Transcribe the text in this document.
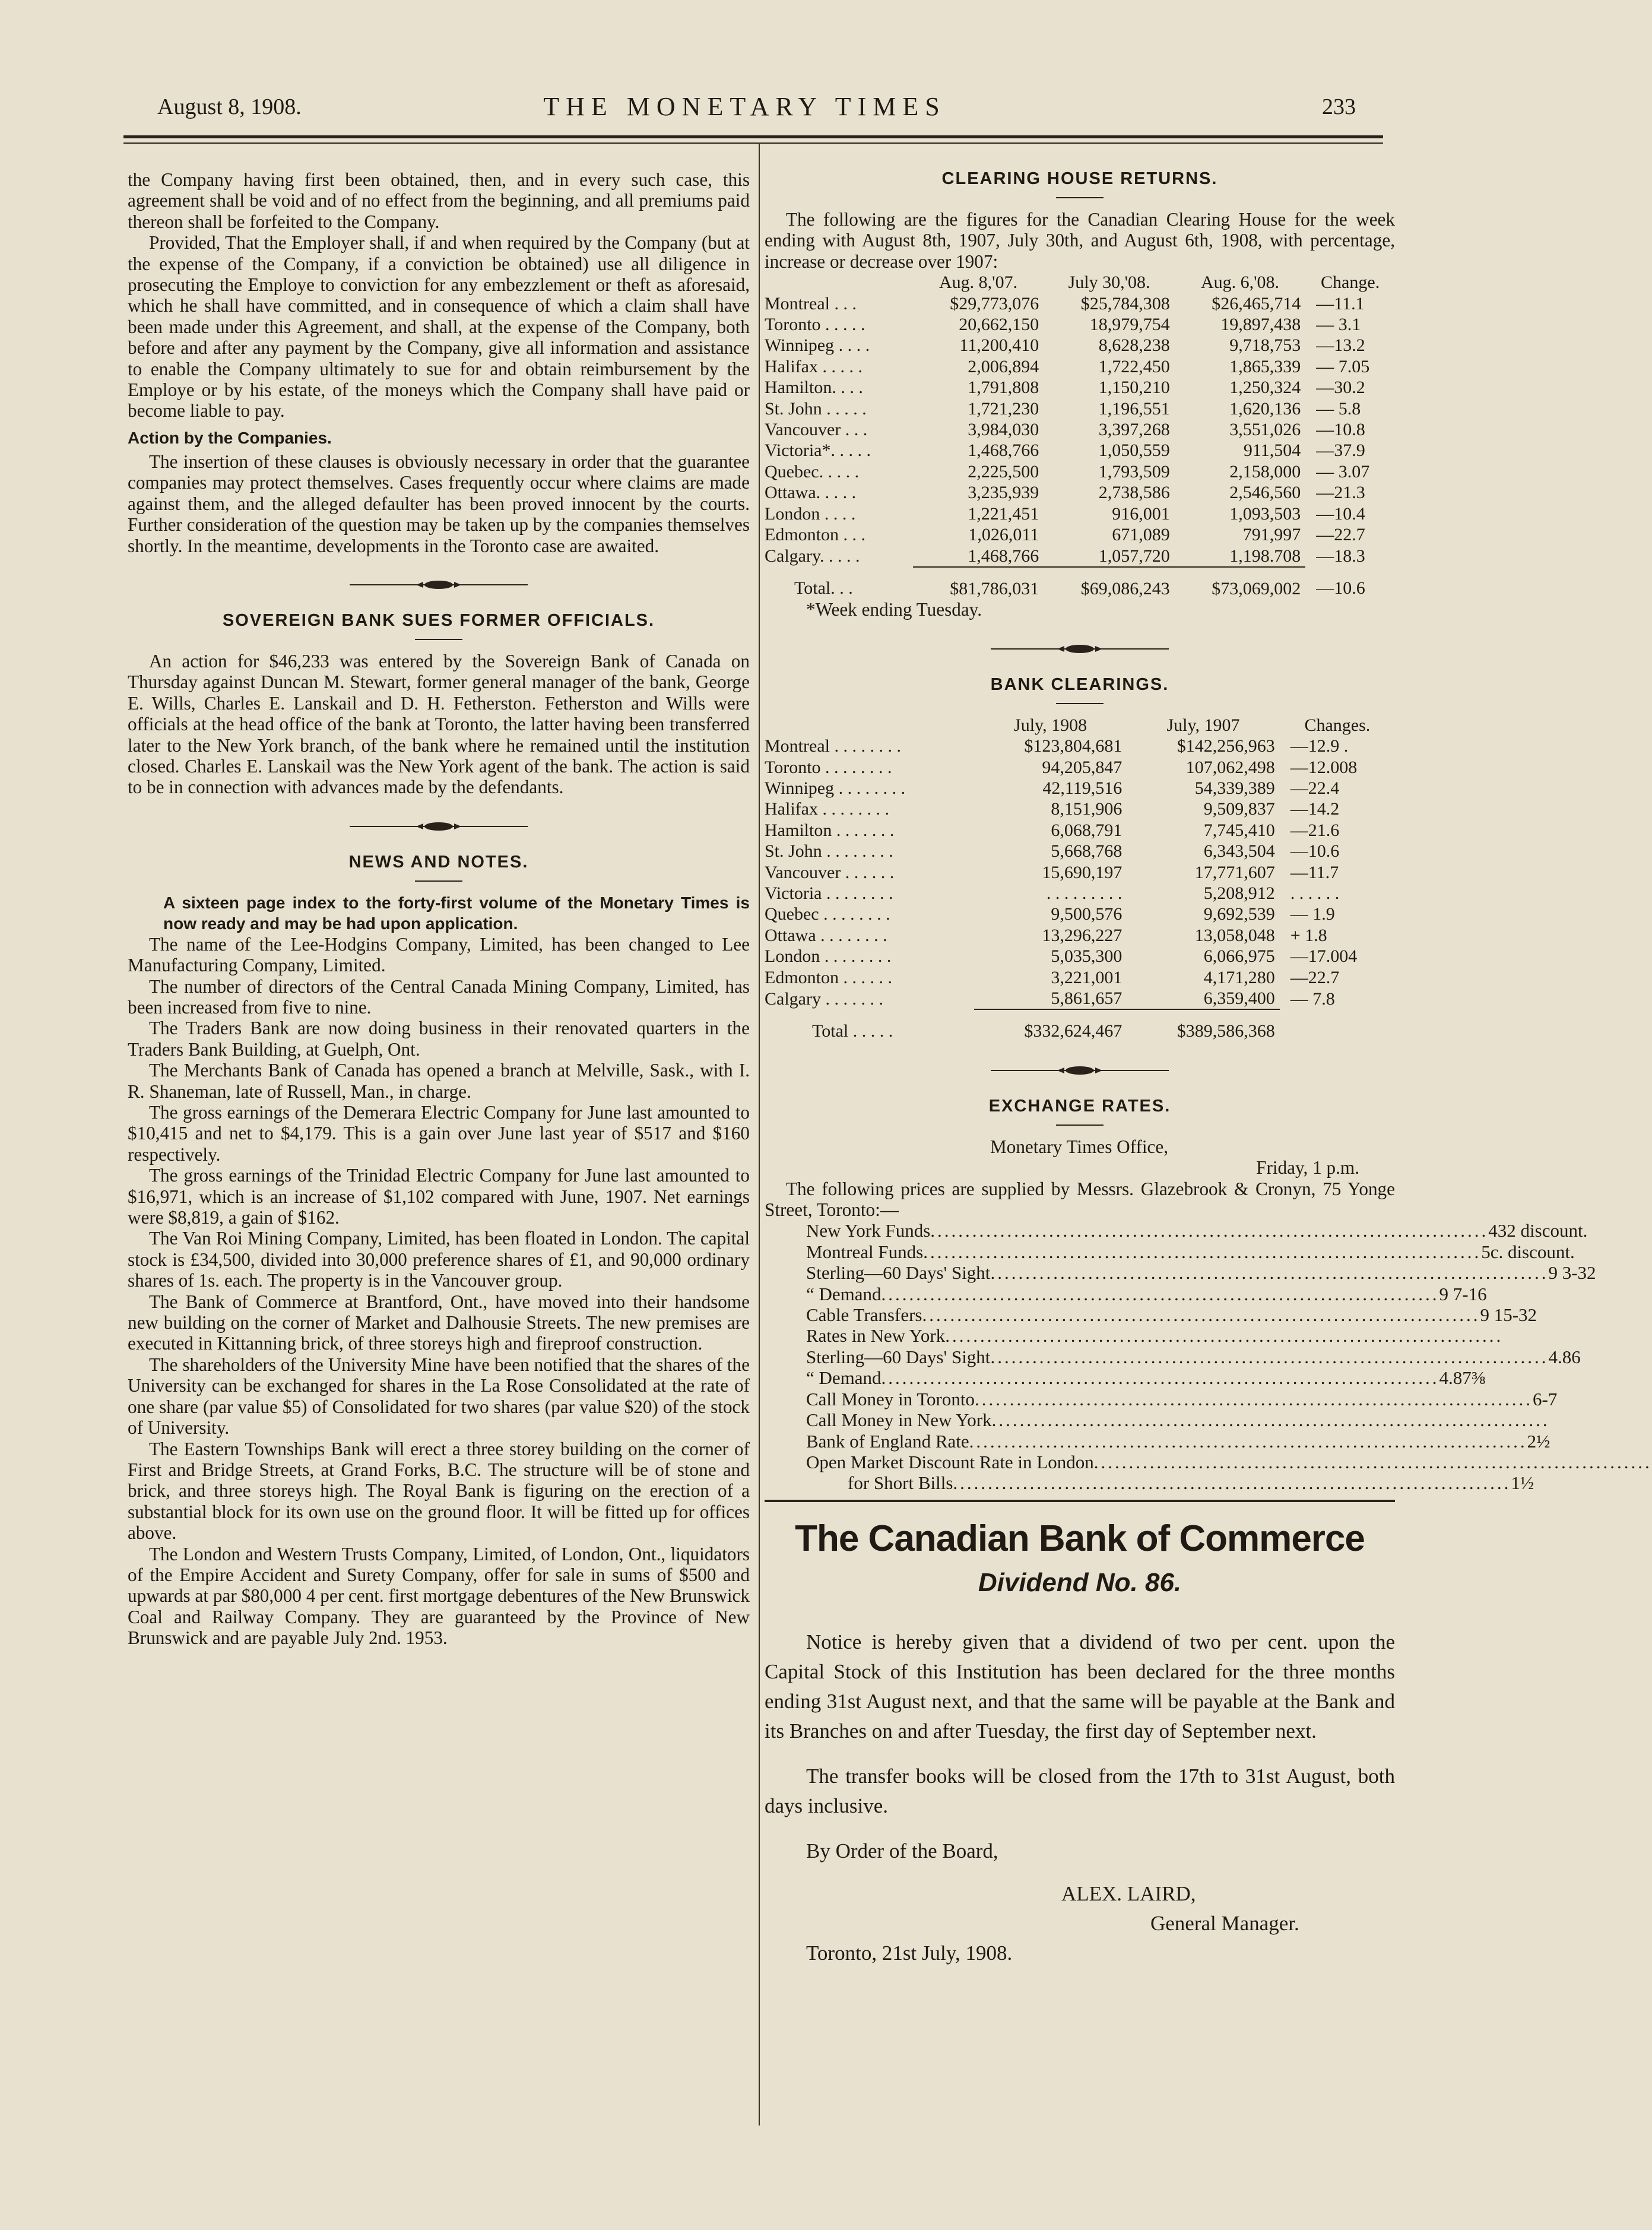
August 8, 1908.	THE MONETARY TIMES	233

the Company having first been obtained, then, and in every such case, this agreement shall be void and of no effect from the beginning, and all premiums paid thereon shall be forfeited to the Company.

Provided, That the Employer shall, if and when required by the Company (but at the expense of the Company, if a conviction be obtained) use all diligence in prosecuting the Employe to conviction for any embezzlement or theft as aforesaid, which he shall have committed, and in consequence of which a claim shall have been made under this Agreement, and shall, at the expense of the Company, both before and after any payment by the Company, give all information and assistance to enable the Company ultimately to sue for and obtain reimbursement by the Employe or by his estate, of the moneys which the Company shall have paid or become liable to pay.

Action by the Companies.

The insertion of these clauses is obviously necessary in order that the guarantee companies may protect themselves. Cases frequently occur where claims are made against them, and the alleged defaulter has been proved innocent by the courts. Further consideration of the question may be taken up by the companies themselves shortly. In the meantime, developments in the Toronto case are awaited.

SOVEREIGN BANK SUES FORMER OFFICIALS.

An action for $46,233 was entered by the Sovereign Bank of Canada on Thursday against Duncan M. Stewart, former general manager of the bank, George E. Wills, Charles E. Lanskail and D. H. Fetherston. Fetherston and Wills were officials at the head office of the bank at Toronto, the latter having been transferred later to the New York branch, of the bank where he remained until the institution closed. Charles E. Lanskail was the New York agent of the bank. The action is said to be in connection with advances made by the defendants.

NEWS AND NOTES.

A sixteen page index to the forty-first volume of the Monetary Times is now ready and may be had upon application.

The name of the Lee-Hodgins Company, Limited, has been changed to Lee Manufacturing Company, Limited.

The number of directors of the Central Canada Mining Company, Limited, has been increased from five to nine.

The Traders Bank are now doing business in their renovated quarters in the Traders Bank Building, at Guelph, Ont.

The Merchants Bank of Canada has opened a branch at Melville, Sask., with I. R. Shaneman, late of Russell, Man., in charge.

The gross earnings of the Demerara Electric Company for June last amounted to $10,415 and net to $4,179. This is a gain over June last year of $517 and $160 respectively.

The gross earnings of the Trinidad Electric Company for June last amounted to $16,971, which is an increase of $1,102 compared with June, 1907. Net earnings were $8,819, a gain of $162.

The Van Roi Mining Company, Limited, has been floated in London. The capital stock is £34,500, divided into 30,000 preference shares of £1, and 90,000 ordinary shares of 1s. each. The property is in the Vancouver group.

The Bank of Commerce at Brantford, Ont., have moved into their handsome new building on the corner of Market and Dalhousie Streets. The new premises are executed in Kittanning brick, of three storeys high and fireproof construction.

The shareholders of the University Mine have been notified that the shares of the University can be exchanged for shares in the La Rose Consolidated at the rate of one share (par value $5) of Consolidated for two shares (par value $20) of the stock of University.

The Eastern Townships Bank will erect a three storey building on the corner of First and Bridge Streets, at Grand Forks, B.C. The structure will be of stone and brick, and three storeys high. The Royal Bank is figuring on the erection of a substantial block for its own use on the ground floor. It will be fitted up for offices above.

The London and Western Trusts Company, Limited, of London, Ont., liquidators of the Empire Accident and Surety Company, offer for sale in sums of $500 and upwards at par $80,000 4 per cent. first mortgage debentures of the New Brunswick Coal and Railway Company. They are guaranteed by the Province of New Brunswick and are payable July 2nd. 1953.

CLEARING HOUSE RETURNS.

The following are the figures for the Canadian Clearing House for the week ending with August 8th, 1907, July 30th, and August 6th, 1908, with percentage, increase or decrease over 1907:

	Aug. 8,'07.	July 30,'08.	Aug. 6,'08.	Change.
Montreal . . .	$29,773,076	$25,784,308	$26,465,714	—11.1
Toronto . . . . .	20,662,150	18,979,754	19,897,438	— 3.1
Winnipeg . . . .	11,200,410	8,628,238	9,718,753	—13.2
Halifax . . . . .	2,006,894	1,722,450	1,865,339	— 7.05
Hamilton. . . .	1,791,808	1,150,210	1,250,324	—30.2
St. John . . . . .	1,721,230	1,196,551	1,620,136	— 5.8
Vancouver . . .	3,984,030	3,397,268	3,551,026	—10.8
Victoria*. . . . .	1,468,766	1,050,559	911,504	—37.9
Quebec. . . . .	2,225,500	1,793,509	2,158,000	— 3.07
Ottawa. . . . .	3,235,939	2,738,586	2,546,560	—21.3
London . . . .	1,221,451	916,001	1,093,503	—10.4
Edmonton . . .	1,026,011	671,089	791,997	—22.7
Calgary. . . . .	1,468,766	1,057,720	1,198.708	—18.3
Total. . .	$81,786,031	$69,086,243	$73,069,002	—10.6

*Week ending Tuesday.

BANK CLEARINGS.
	July, 1908	July, 1907	Changes.
Montreal . . . . . . . .	$123,804,681	$142,256,963	—12.9 .
Toronto . . . . . . . .	94,205,847	107,062,498	—12.008
Winnipeg . . . . . . . .	42,119,516	54,339,389	—22.4
Halifax . . . . . . . .	8,151,906	9,509,837	—14.2
Hamilton . . . . . . .	6,068,791	7,745,410	—21.6
St. John . . . . . . . .	5,668,768	6,343,504	—10.6
Vancouver . . . . . .	15,690,197	17,771,607	—11.7
Victoria . . . . . . . .	. . . . . . . . .	5,208,912	. . . . . .
Quebec . . . . . . . .	9,500,576	9,692,539	— 1.9
Ottawa . . . . . . . .	13,296,227	13,058,048	+ 1.8
London . . . . . . . .	5,035,300	6,066,975	—17.004
Edmonton . . . . . .	3,221,001	4,171,280	—22.7
Calgary . . . . . . .	5,861,657	6,359,400	— 7.8
Total . . . . .	$332,624,467	$389,586,368	
EXCHANGE RATES.

Monetary Times Office,

Friday, 1 p.m.

The following prices are supplied by Messrs. Glazebrook & Cronyn, 75 Yonge Street, Toronto:—

New York Funds ................................................................................ 432 discount.
Montreal Funds ................................................................................ 5c. discount.
Sterling—60 Days' Sight ................................................................................ 9 3-32
“ Demand ................................................................................ 9 7-16
Cable Transfers ................................................................................ 9 15-32
Rates in New York ................................................................................
Sterling—60 Days' Sight ................................................................................ 4.86
“ Demand ................................................................................ 4.87⅜
Call Money in Toronto ................................................................................ 6-7
Call Money in New York ................................................................................
Bank of England Rate ................................................................................ 2½
Open Market Discount Rate in London ................................................................................
for Short Bills ................................................................................ 1½
The Canadian Bank of Commerce
Dividend No. 86.

Notice is hereby given that a dividend of two per cent. upon the Capital Stock of this Institution has been declared for the three months ending 31st August next, and that the same will be payable at the Bank and its Branches on and after Tuesday, the first day of September next.

The transfer books will be closed from the 17th to 31st August, both days inclusive.

By Order of the Board,

ALEX. LAIRD,

General Manager.

Toronto, 21st July, 1908.
